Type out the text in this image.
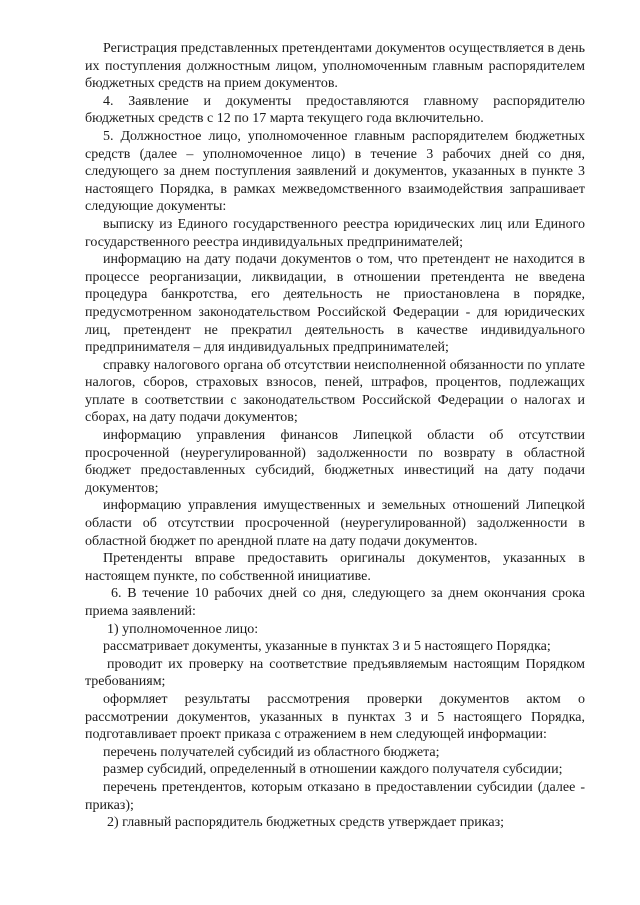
Регистрация представленных претендентами документов осуществляется в день их поступления должностным лицом, уполномоченным главным распорядителем бюджетных средств на прием документов.

4. Заявление и документы предоставляются главному распорядителю бюджетных средств с 12 по 17 марта текущего года включительно.

5. Должностное лицо, уполномоченное главным распорядителем бюджетных средств (далее – уполномоченное лицо) в течение 3 рабочих дней со дня, следующего за днем поступления заявлений и документов, указанных в пункте 3 настоящего Порядка, в рамках межведомственного взаимодействия запрашивает следующие документы:

выписку из Единого государственного реестра юридических лиц или Единого государственного реестра индивидуальных предпринимателей;

информацию на дату подачи документов о том, что претендент не находится в процессе реорганизации, ликвидации, в отношении претендента не введена процедура банкротства, его деятельность не приостановлена в порядке, предусмотренном законодательством Российской Федерации - для юридических лиц, претендент не прекратил деятельность в качестве индивидуального предпринимателя – для индивидуальных предпринимателей;

справку налогового органа об отсутствии неисполненной обязанности по уплате налогов, сборов, страховых взносов, пеней, штрафов, процентов, подлежащих уплате в соответствии с законодательством Российской Федерации о налогах и сборах, на дату подачи документов;

информацию управления финансов Липецкой области об отсутствии просроченной (неурегулированной) задолженности по возврату в областной бюджет предоставленных субсидий, бюджетных инвестиций на дату подачи документов;

информацию управления имущественных и земельных отношений Липецкой области об отсутствии просроченной (неурегулированной) задолженности в областной бюджет по арендной плате на дату подачи документов.

Претенденты вправе предоставить оригиналы документов, указанных в настоящем пункте, по собственной инициативе.

6. В течение 10 рабочих дней со дня, следующего за днем окончания срока приема заявлений:

1) уполномоченное лицо:

рассматривает документы, указанные в пунктах 3 и 5 настоящего Порядка;

проводит их проверку на соответствие предъявляемым настоящим Порядком требованиям;

оформляет результаты рассмотрения проверки документов актом о рассмотрении документов, указанных в пунктах 3 и 5 настоящего Порядка, подготавливает проект приказа с отражением в нем следующей информации:

перечень получателей субсидий из областного бюджета;

размер субсидий, определенный в отношении каждого получателя субсидии;

перечень претендентов, которым отказано в предоставлении субсидии (далее - приказ);

2) главный распорядитель бюджетных средств утверждает приказ;
